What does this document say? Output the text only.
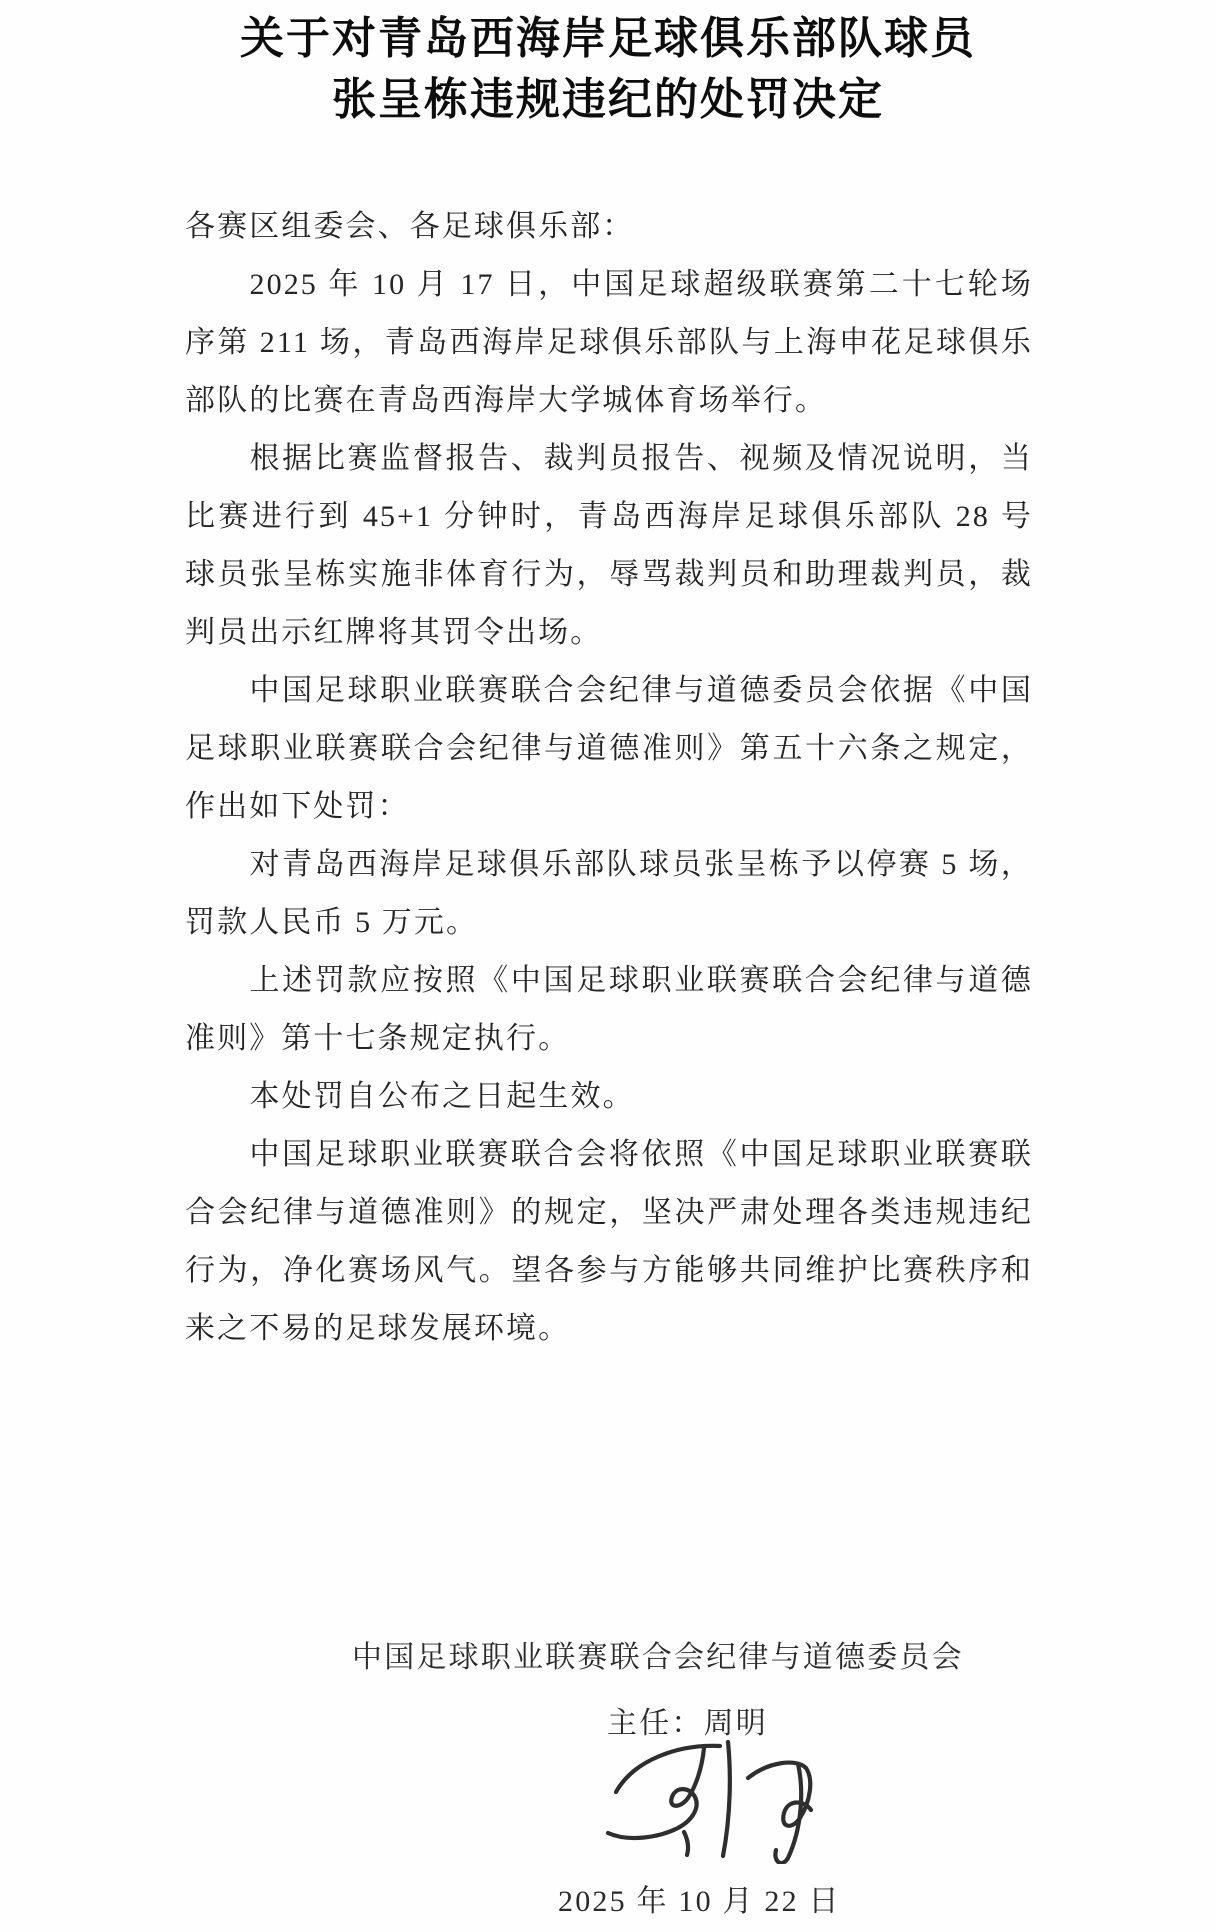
关于对青岛西海岸足球俱乐部队球员
张呈栋违规违纪的处罚决定

各赛区组委会、各足球俱乐部：

2025 年 10 月 17 日，中国足球超级联赛第二十七轮场序第 211 场，青岛西海岸足球俱乐部队与上海申花足球俱乐部队的比赛在青岛西海岸大学城体育场举行。

根据比赛监督报告、裁判员报告、视频及情况说明，当比赛进行到 45+1 分钟时，青岛西海岸足球俱乐部队 28 号球员张呈栋实施非体育行为，辱骂裁判员和助理裁判员，裁判员出示红牌将其罚令出场。

中国足球职业联赛联合会纪律与道德委员会依据《中国足球职业联赛联合会纪律与道德准则》第五十六条之规定，作出如下处罚：

对青岛西海岸足球俱乐部队球员张呈栋予以停赛 5 场，罚款人民币 5 万元。

上述罚款应按照《中国足球职业联赛联合会纪律与道德准则》第十七条规定执行。

本处罚自公布之日起生效。

中国足球职业联赛联合会将依照《中国足球职业联赛联合会纪律与道德准则》的规定，坚决严肃处理各类违规违纪行为，净化赛场风气。望各参与方能够共同维护比赛秩序和来之不易的足球发展环境。

中国足球职业联赛联合会纪律与道德委员会
主任：周明
2025 年 10 月 22 日
